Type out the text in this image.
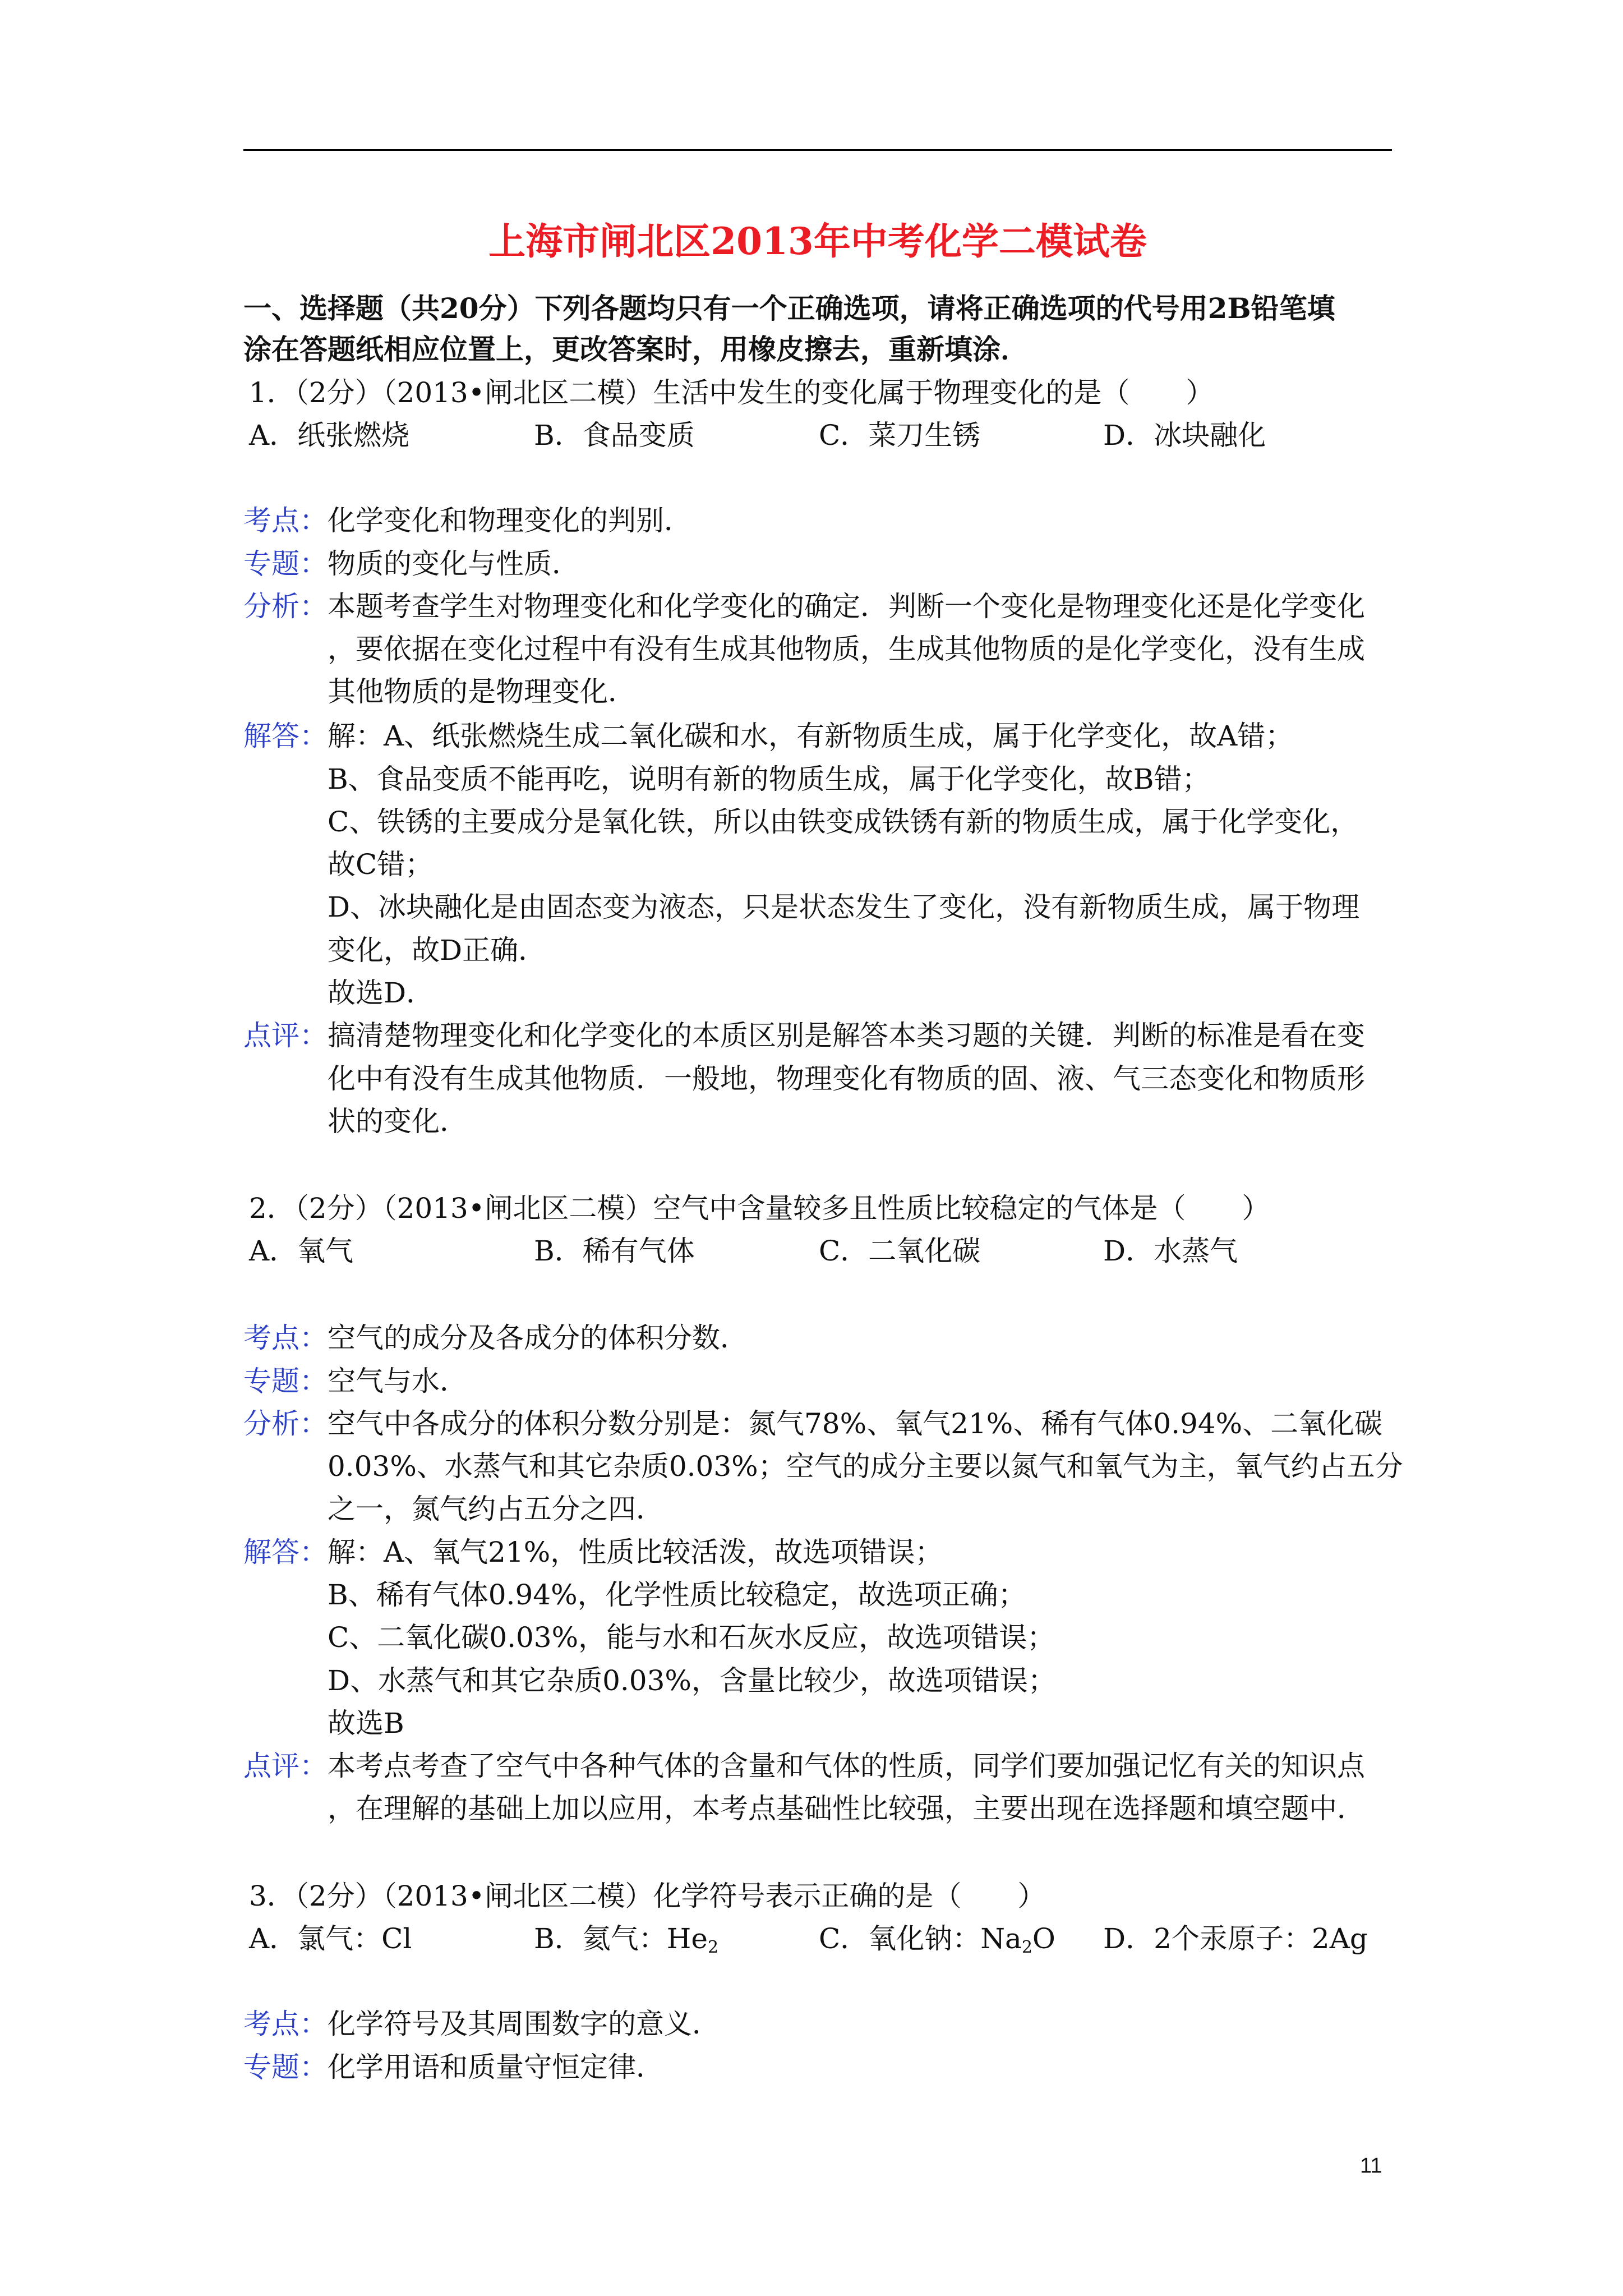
上海市闸北区2013年中考化学二模试卷
一、选择题（共20分）下列各题均只有一个正确选项，请将正确选项的代号用2B铅笔填
涂在答题纸相应位置上，更改答案时，用橡皮擦去，重新填涂．
1．（2分）（2013•闸北区二模）生活中发生的变化属于物理变化的是（　　）
A．纸张燃烧	B．食品变质	C．菜刀生锈	D．冰块融化
考点：化学变化和物理变化的判别．
专题：物质的变化与性质．
分析：本题考查学生对物理变化和化学变化的确定．判断一个变化是物理变化还是化学变化
，要依据在变化过程中有没有生成其他物质，生成其他物质的是化学变化，没有生成
其他物质的是物理变化．
解答：解：A、纸张燃烧生成二氧化碳和水，有新物质生成，属于化学变化，故A错；
B、食品变质不能再吃，说明有新的物质生成，属于化学变化，故B错；
C、铁锈的主要成分是氧化铁，所以由铁变成铁锈有新的物质生成，属于化学变化，
故C错；
D、冰块融化是由固态变为液态，只是状态发生了变化，没有新物质生成，属于物理
变化，故D正确．
故选D．
点评：搞清楚物理变化和化学变化的本质区别是解答本类习题的关键．判断的标准是看在变
化中有没有生成其他物质．一般地，物理变化有物质的固、液、气三态变化和物质形
状的变化．
2．（2分）（2013•闸北区二模）空气中含量较多且性质比较稳定的气体是（　　）
A．氧气	B．稀有气体	C．二氧化碳	D．水蒸气
考点：空气的成分及各成分的体积分数．
专题：空气与水．
分析：空气中各成分的体积分数分别是：氮气78%、氧气21%、稀有气体0.94%、二氧化碳
0.03%、水蒸气和其它杂质0.03%；空气的成分主要以氮气和氧气为主，氧气约占五分
之一，氮气约占五分之四．
解答：解：A、氧气21%，性质比较活泼，故选项错误；
B、稀有气体0.94%，化学性质比较稳定，故选项正确；
C、二氧化碳0.03%，能与水和石灰水反应，故选项错误；
D、水蒸气和其它杂质0.03%，含量比较少，故选项错误；
故选B
点评：本考点考查了空气中各种气体的含量和气体的性质，同学们要加强记忆有关的知识点
，在理解的基础上加以应用，本考点基础性比较强，主要出现在选择题和填空题中．
3．（2分）（2013•闸北区二模）化学符号表示正确的是（　　）
A．氯气：Cl	B．氦气：$He_2$	C．氧化钠：$Na_2O$ D．2个汞原子：2Ag
考点：化学符号及其周围数字的意义．
专题：化学用语和质量守恒定律．
11
